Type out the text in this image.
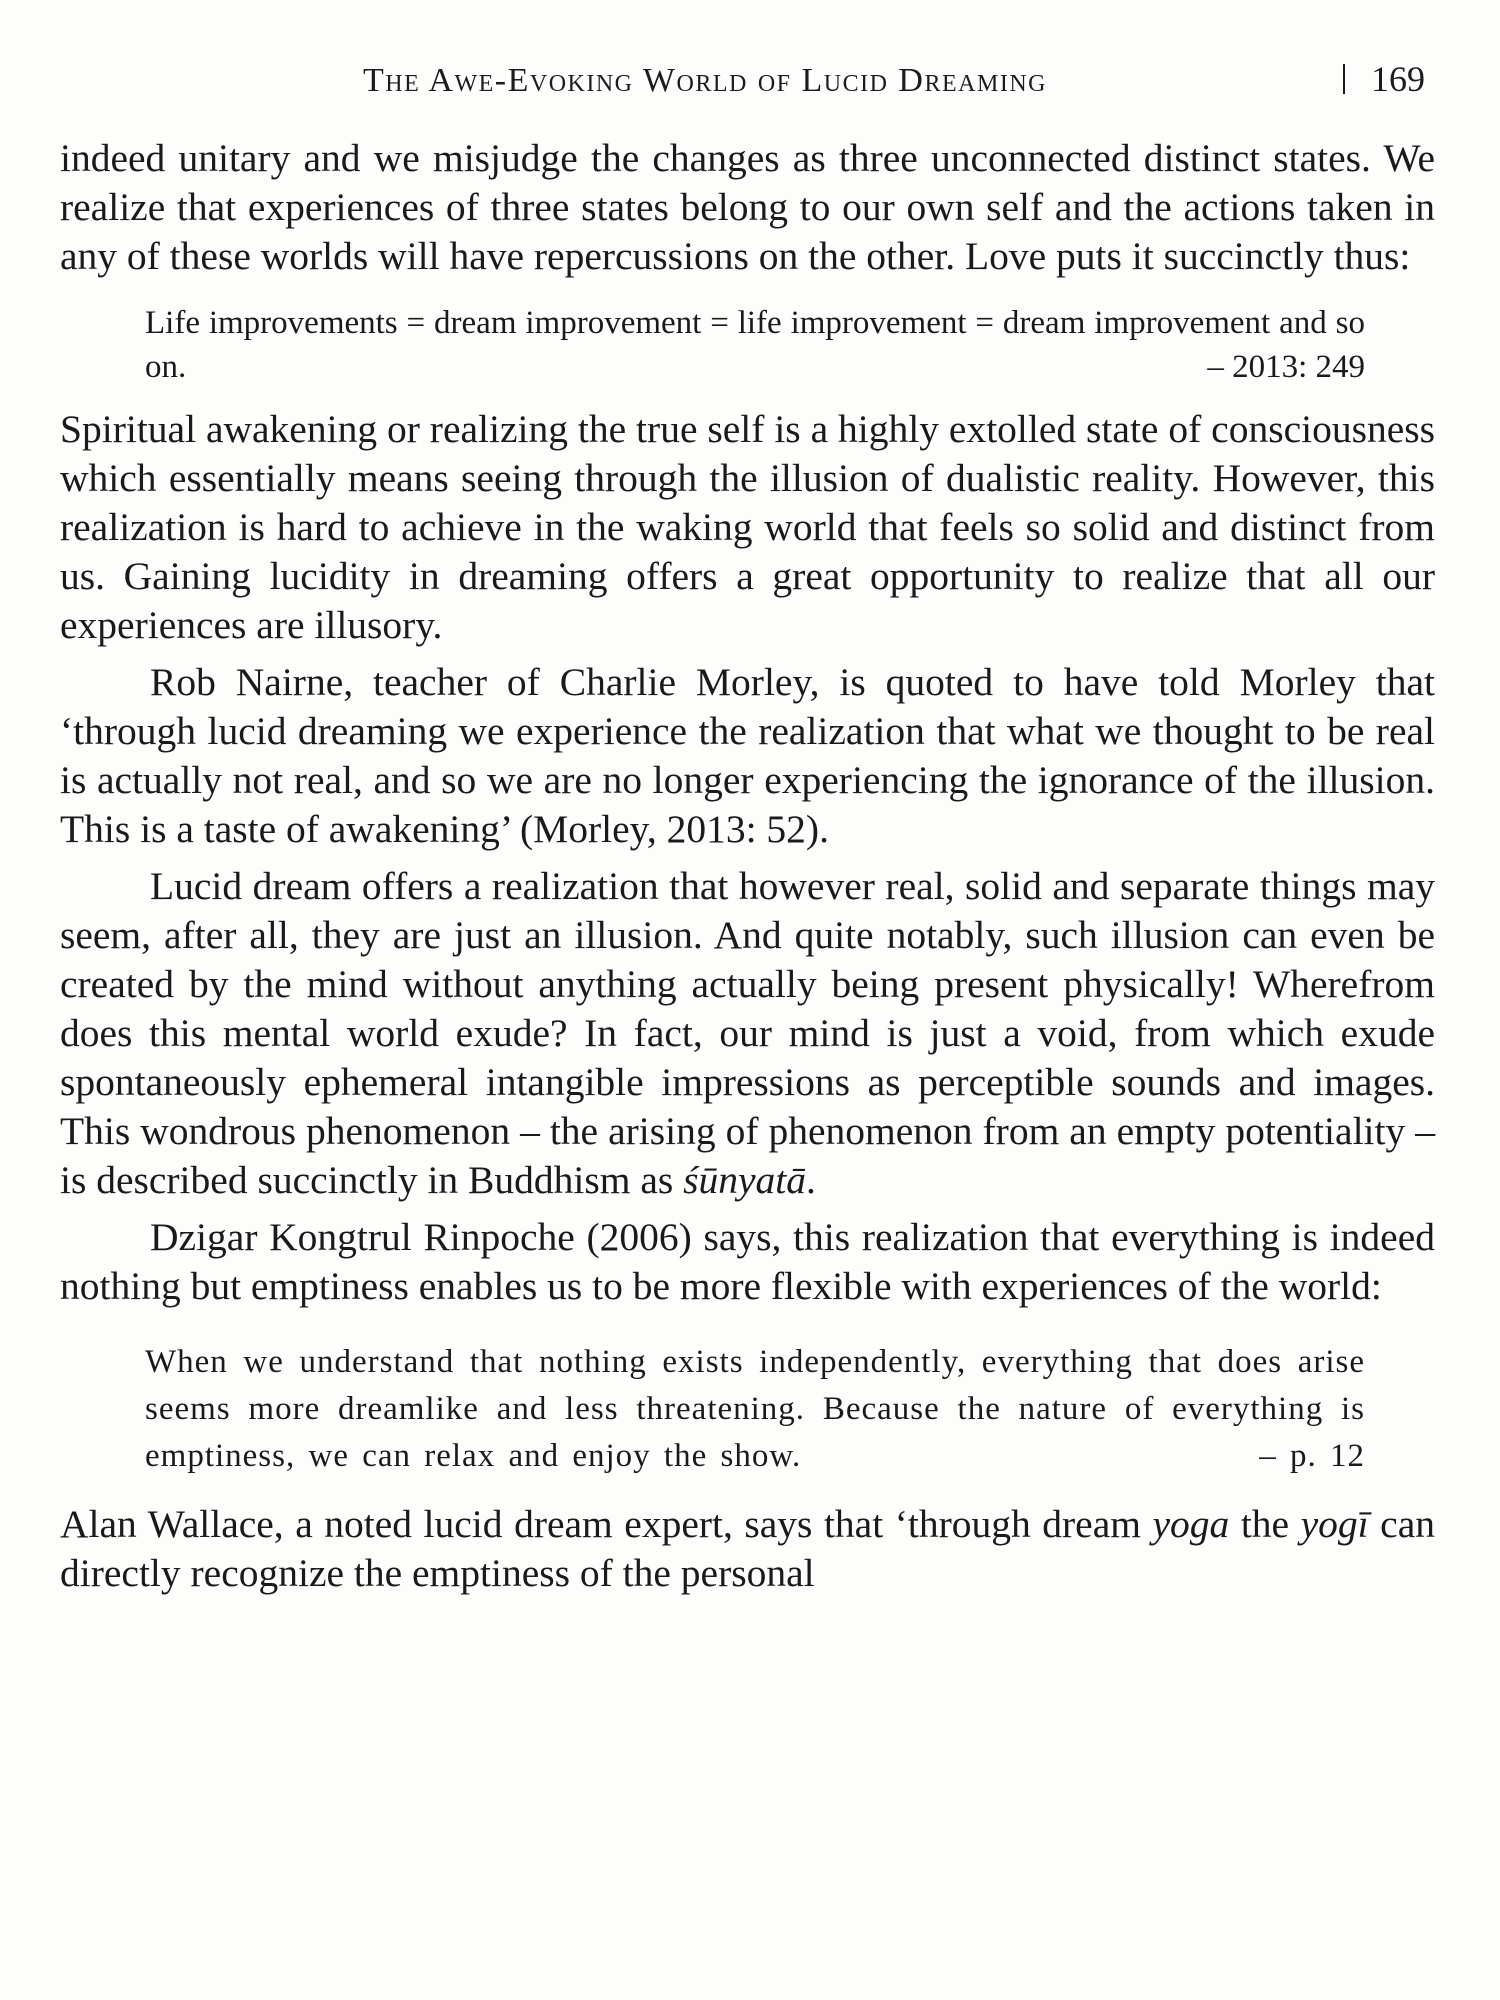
The Awe-Evoking World of Lucid Dreaming	169

indeed unitary and we misjudge the changes as three unconnected distinct states. We realize that experiences of three states belong to our own self and the actions taken in any of these worlds will have repercussions on the other. Love puts it succinctly thus:

Life improvements = dream improvement = life improvement = dream improvement and so on.	– 2013: 249

Spiritual awakening or realizing the true self is a highly extolled state of consciousness which essentially means seeing through the illusion of dualistic reality. However, this realization is hard to achieve in the waking world that feels so solid and distinct from us. Gaining lucidity in dreaming offers a great opportunity to realize that all our experiences are illusory.

Rob Nairne, teacher of Charlie Morley, is quoted to have told Morley that ‘through lucid dreaming we experience the realization that what we thought to be real is actually not real, and so we are no longer experiencing the ignorance of the illusion. This is a taste of awakening’ (Morley, 2013: 52).

Lucid dream offers a realization that however real, solid and separate things may seem, after all, they are just an illusion. And quite notably, such illusion can even be created by the mind without anything actually being present physically! Wherefrom does this mental world exude? In fact, our mind is just a void, from which exude spontaneously ephemeral intangible impressions as perceptible sounds and images. This wondrous phenomenon – the arising of phenomenon from an empty potentiality – is described succinctly in Buddhism as śūnyatā.

Dzigar Kongtrul Rinpoche (2006) says, this realization that everything is indeed nothing but emptiness enables us to be more flexible with experiences of the world:

When we understand that nothing exists independently, everything that does arise seems more dreamlike and less threatening. Because the nature of everything is emptiness, we can relax and enjoy the show.	– p. 12

Alan Wallace, a noted lucid dream expert, says that ‘through dream yoga the yogī can directly recognize the emptiness of the personal
